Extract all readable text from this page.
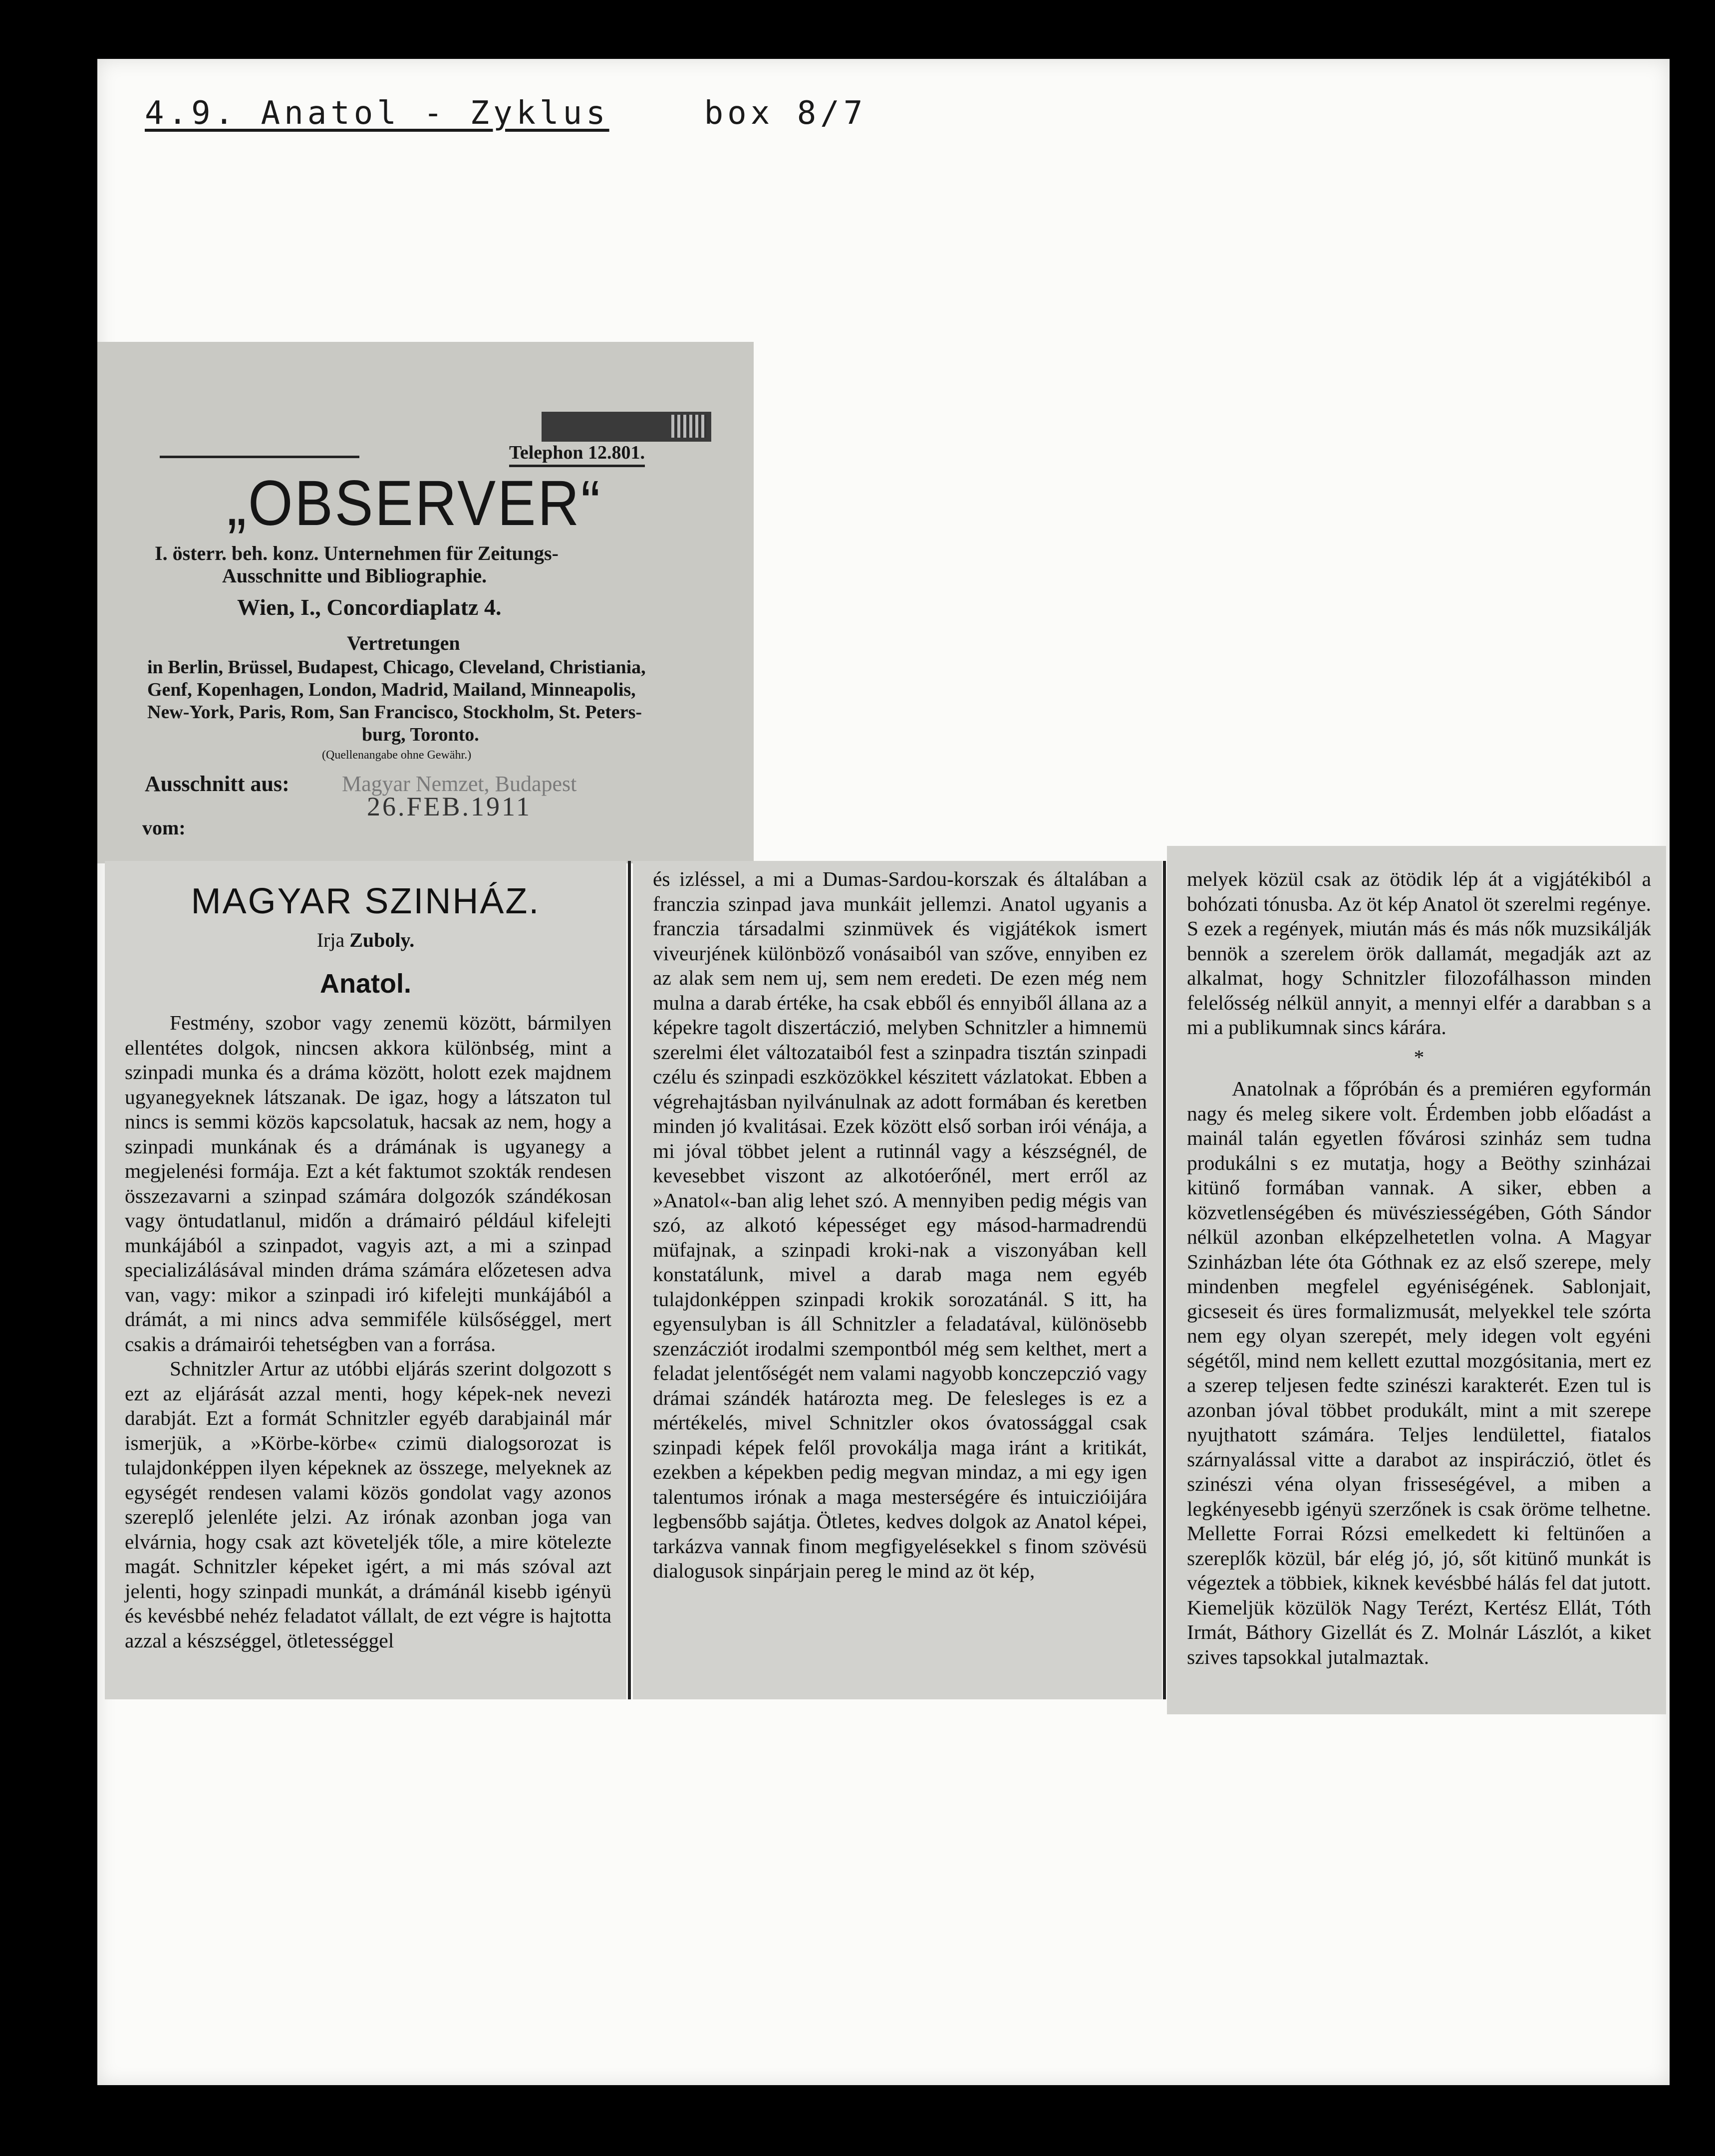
4.9. Anatol - Zyklus	box 8/7
Telephon 12.801.
„OBSERVER“
I. österr. beh. konz. Unternehmen für Zeitungs-
Ausschnitte und Bibliographie.
Wien, I., Concordiaplatz 4.
Vertretungen
in Berlin, Brüssel, Budapest, Chicago, Cleveland, Christiania,
Genf, Kopenhagen, London, Madrid, Mailand, Minneapolis,
New-York, Paris, Rom, San Francisco, Stockholm, St. Peters-
burg, Toronto.
(Quellenangabe ohne Gewähr.)
Ausschnitt aus: Magyar Nemzet, Budapest
26.FEB.1911
vom:
MAGYAR SZINHÁZ.
Irja Zuboly.
Anatol.

Festmény, szobor vagy zenemü között, bármilyen ellentétes dolgok, nincsen akkora különbség, mint a szinpadi munka és a dráma között, holott ezek majdnem ugyanegyeknek látszanak. De igaz, hogy a látszaton tul nincs is semmi közös kapcsolatuk, hacsak az nem, hogy a szinpadi munkának és a drámának is ugyanegy a megjelenési formája. Ezt a két faktumot szokták rendesen összezavarni a szinpad számára dolgozók szándékosan vagy öntudatlanul, midőn a drámairó például kifelejti munkájából a szinpadot, vagyis azt, a mi a szinpad specializálásával minden dráma számára előzetesen adva van, vagy: mikor a szinpadi iró kifelejti munkájából a drámát, a mi nincs adva semmiféle külsőséggel, mert csakis a drámairói tehetségben van a forrása.

Schnitzler Artur az utóbbi eljárás szerint dolgozott s ezt az eljárását azzal menti, hogy képek-nek nevezi darabját. Ezt a formát Schnitzler egyéb darabjainál már ismerjük, a »Körbe-körbe« czimü dialogsorozat is tulajdonképpen ilyen képeknek az összege, melyeknek az egységét rendesen valami közös gondolat vagy azonos szereplő jelenléte jelzi. Az irónak azonban joga van elvárnia, hogy csak azt követeljék tőle, a mire kötelezte magát. Schnitzler képeket igért, a mi más szóval azt jelenti, hogy szinpadi munkát, a drámánál kisebb igényü és kevésbbé nehéz feladatot vállalt, de ezt végre is hajtotta azzal a készséggel, ötletességgel

és izléssel, a mi a Dumas-Sardou-korszak és általában a franczia szinpad java munkáit jellemzi. Anatol ugyanis a franczia társadalmi szinmüvek és vigjátékok ismert viveurjének különböző vonásaiból van szőve, ennyiben ez az alak sem nem uj, sem nem eredeti. De ezen még nem mulna a darab értéke, ha csak ebből és ennyiből állana az a képekre tagolt diszertáczió, melyben Schnitzler a himnemü szerelmi élet változataiból fest a szinpadra tisztán szinpadi czélu és szinpadi eszközökkel készitett vázlatokat. Ebben a végrehajtásban nyilvánulnak az adott formában és keretben minden jó kvalitásai. Ezek között első sorban irói vénája, a mi jóval többet jelent a rutinnál vagy a készségnél, de kevesebbet viszont az alkotóerőnél, mert erről az »Anatol«-ban alig lehet szó. A mennyiben pedig mégis van szó, az alkotó képességet egy másod-harmadrendü müfajnak, a szinpadi kroki-nak a viszonyában kell konstatálunk, mivel a darab maga nem egyéb tulajdonképpen szinpadi krokik sorozatánál. S itt, ha egyensulyban is áll Schnitzler a feladatával, különösebb szenzácziót irodalmi szempontból még sem kelthet, mert a feladat jelentőségét nem valami nagyobb konczepczió vagy drámai szándék határozta meg. De felesleges is ez a mértékelés, mivel Schnitzler okos óvatossággal csak szinpadi képek felől provokálja maga iránt a kritikát, ezekben a képekben pedig megvan mindaz, a mi egy igen talentumos irónak a maga mesterségére és intuiczióijára legbensőbb sajátja. Ötletes, kedves dolgok az Anatol képei, tarkázva vannak finom megfigyelésekkel s finom szövésü dialogusok sinpárjain pereg le mind az öt kép,

melyek közül csak az ötödik lép át a vigjátékiból a bohózati tónusba. Az öt kép Anatol öt szerelmi regénye. S ezek a regények, miután más és más nők muzsikálják bennök a szerelem örök dallamát, megadják azt az alkalmat, hogy Schnitzler filozofálhasson minden felelősség nélkül annyit, a mennyi elfér a darabban s a mi a publikumnak sincs kárára.

*

Anatolnak a főpróbán és a premiéren egyformán nagy és meleg sikere volt. Érdemben jobb előadást a mainál talán egyetlen fővárosi szinház sem tudna produkálni s ez mutatja, hogy a Beöthy szinházai kitünő formában vannak. A siker, ebben a közvetlenségében és müvésziességében, Góth Sándor nélkül azonban elképzelhetetlen volna. A Magyar Szinházban léte óta Góthnak ez az első szerepe, mely mindenben megfelel egyéniségének. Sablonjait, gicseseit és üres formalizmusát, melyekkel tele szórta nem egy olyan szerepét, mely idegen volt egyéni ségétől, mind nem kellett ezuttal mozgósitania, mert ez a szerep teljesen fedte szinészi karakterét. Ezen tul is azonban jóval többet produkált, mint a mit szerepe nyujthatott számára. Teljes lendülettel, fiatalos szárnyalással vitte a darabot az inspiráczió, ötlet és szinészi véna olyan frisseségével, a miben a legkényesebb igényü szerzőnek is csak öröme telhetne. Mellette Forrai Rózsi emelkedett ki feltünően a szereplők közül, bár elég jó, jó, sőt kitünő munkát is végeztek a többiek, kiknek kevésbbé hálás fel dat jutott. Kiemeljük közülök Nagy Terézt, Kertész Ellát, Tóth Irmát, Báthory Gizellát és Z. Molnár Lászlót, a kiket szives tapsokkal jutalmaztak.
